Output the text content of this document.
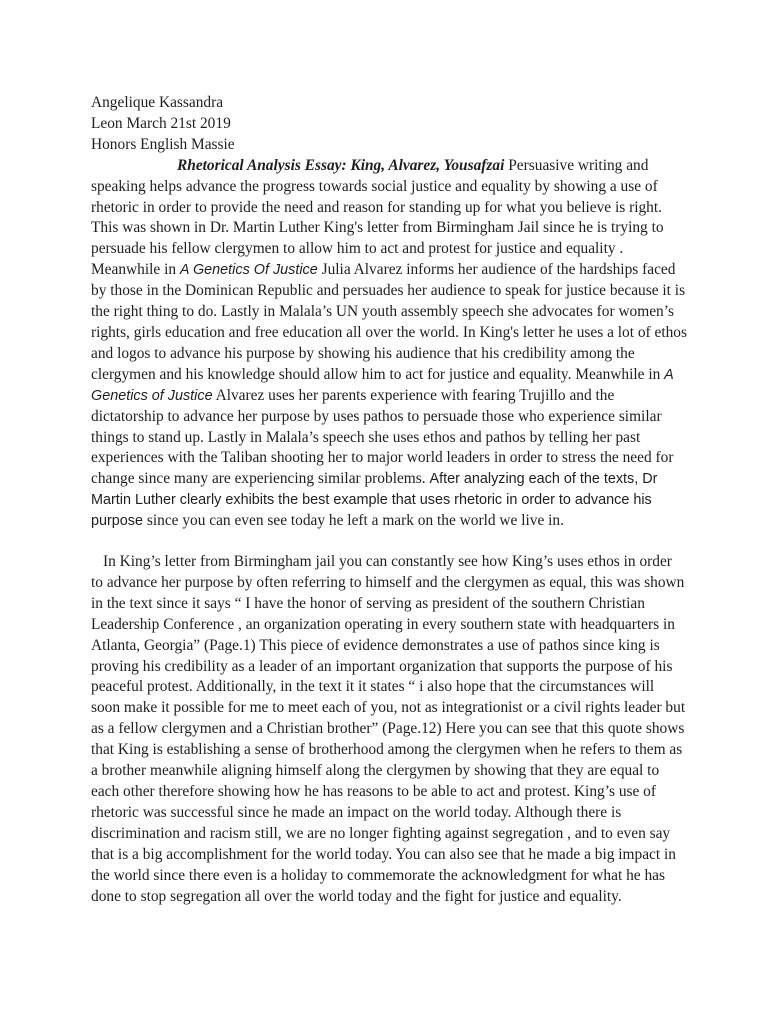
Angelique Kassandra
Leon March 21st 2019
Honors English Massie

Rhetorical Analysis Essay: King, Alvarez, Yousafzai Persuasive writing and speaking helps advance the progress towards social justice and equality by showing a use of rhetoric in order to provide the need and reason for standing up for what you believe is right. This was shown in Dr. Martin Luther King's letter from Birmingham Jail since he is trying to persuade his fellow clergymen to allow him to act and protest for justice and equality . Meanwhile in A Genetics Of Justice Julia Alvarez informs her audience of the hardships faced by those in the Dominican Republic and persuades her audience to speak for justice because it is the right thing to do. Lastly in Malala’s UN youth assembly speech she advocates for women’s rights, girls education and free education all over the world. In King's letter he uses a lot of ethos and logos to advance his purpose by showing his audience that his credibility among the clergymen and his knowledge should allow him to act for justice and equality. Meanwhile in A Genetics of Justice Alvarez uses her parents experience with fearing Trujillo and the dictatorship to advance her purpose by uses pathos to persuade those who experience similar things to stand up. Lastly in Malala’s speech she uses ethos and pathos by telling her past experiences with the Taliban shooting her to major world leaders in order to stress the need for change since many are experiencing similar problems. After analyzing each of the texts, Dr Martin Luther clearly exhibits the best example that uses rhetoric in order to advance his purpose since you can even see today he left a mark on the world we live in.

In King’s letter from Birmingham jail you can constantly see how King’s uses ethos in order to advance her purpose by often referring to himself and the clergymen as equal, this was shown in the text since it says “ I have the honor of serving as president of the southern Christian Leadership Conference , an organization operating in every southern state with headquarters in Atlanta, Georgia” (Page.1) This piece of evidence demonstrates a use of pathos since king is proving his credibility as a leader of an important organization that supports the purpose of his peaceful protest. Additionally, in the text it it states “ i also hope that the circumstances will soon make it possible for me to meet each of you, not as integrationist or a civil rights leader but as a fellow clergymen and a Christian brother” (Page.12) Here you can see that this quote shows that King is establishing a sense of brotherhood among the clergymen when he refers to them as a brother meanwhile aligning himself along the clergymen by showing that they are equal to each other therefore showing how he has reasons to be able to act and protest. King’s use of rhetoric was successful since he made an impact on the world today. Although there is discrimination and racism still, we are no longer fighting against segregation , and to even say that is a big accomplishment for the world today. You can also see that he made a big impact in the world since there even is a holiday to commemorate the acknowledgment for what he has done to stop segregation all over the world today and the fight for justice and equality.
